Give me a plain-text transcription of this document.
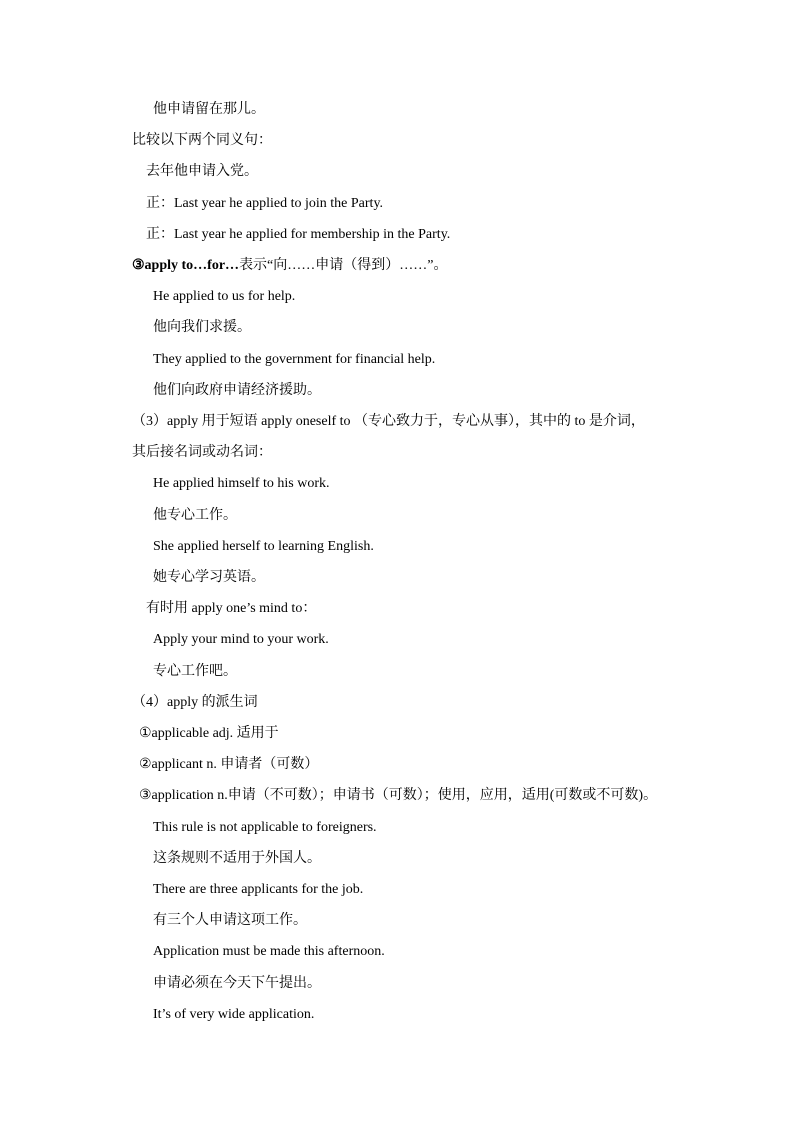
他申请留在那儿。
比较以下两个同义句：
去年他申请入党。
正：Last year he applied to join the Party.
正：Last year he applied for membership in the Party.
③apply to…for…表示“向……申请（得到）……”。
He applied to us for help.
他向我们求援。
They applied to the government for financial help.
他们向政府申请经济援助。
（3）apply 用于短语 apply oneself to （专心致力于，专心从事），其中的 to 是介词，
其后接名词或动名词：
He applied himself to his work.
他专心工作。
She applied herself to learning English.
她专心学习英语。
有时用 apply one’s mind to：
Apply your mind to your work.
专心工作吧。
（4）apply 的派生词
①applicable adj. 适用于
②applicant n. 申请者（可数）
③application n.申请（不可数）；申请书（可数）；使用，应用，适用(可数或不可数)。
This rule is not applicable to foreigners.
这条规则不适用于外国人。
There are three applicants for the job.
有三个人申请这项工作。
Application must be made this afternoon.
申请必须在今天下午提出。
It’s of very wide application.
